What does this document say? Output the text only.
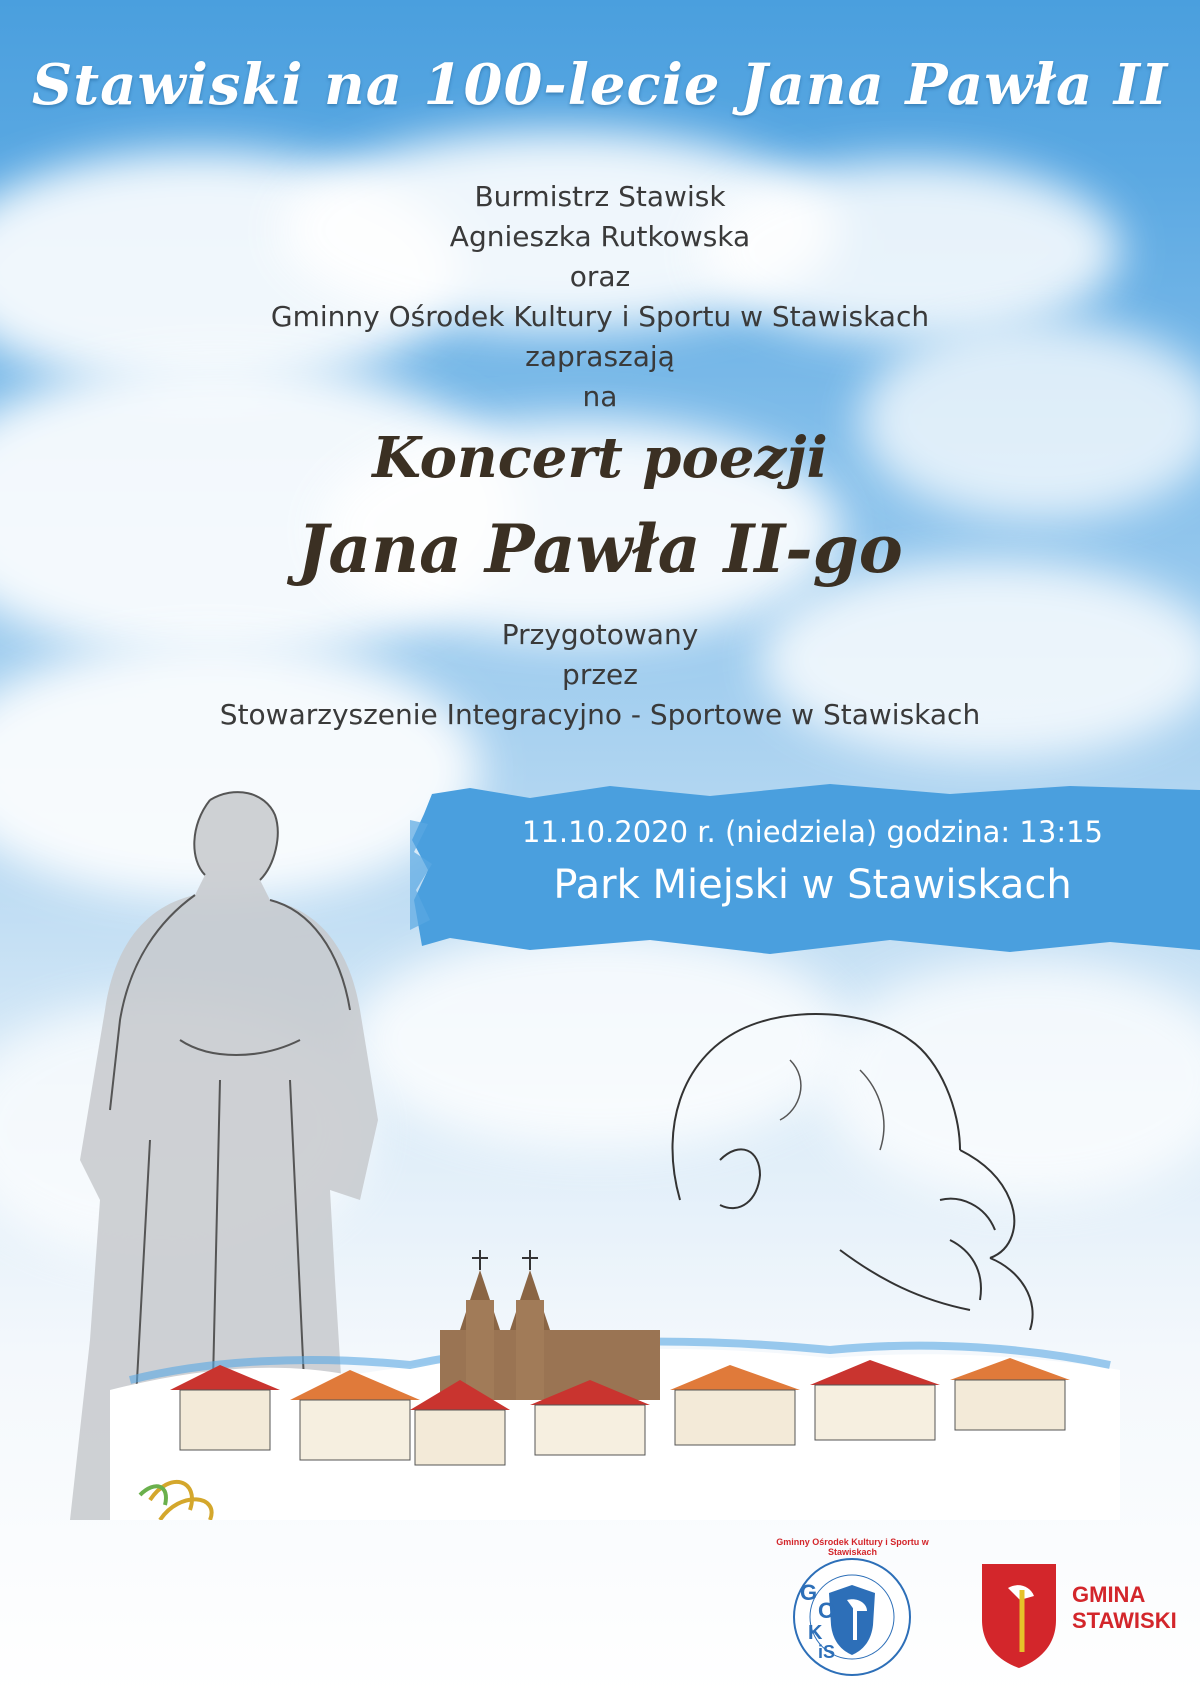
Stawiski na 100-lecie Jana Pawła II
Burmistrz Stawisk
Agnieszka Rutkowska
oraz
Gminny Ośrodek Kultury i Sportu w Stawiskach
zapraszają
na
Koncert poezji
Jana Pawła II-go
Przygotowany
przez
Stowarzyszenie Integracyjno - Sportowe w Stawiskach
11.10.2020 r. (niedziela) godzina: 13:15
Park Miejski w Stawiskach
Gminny Ośrodek Kultury i Sportu w Stawiskach
G
O
K
iS
GMINA
STAWISKI
